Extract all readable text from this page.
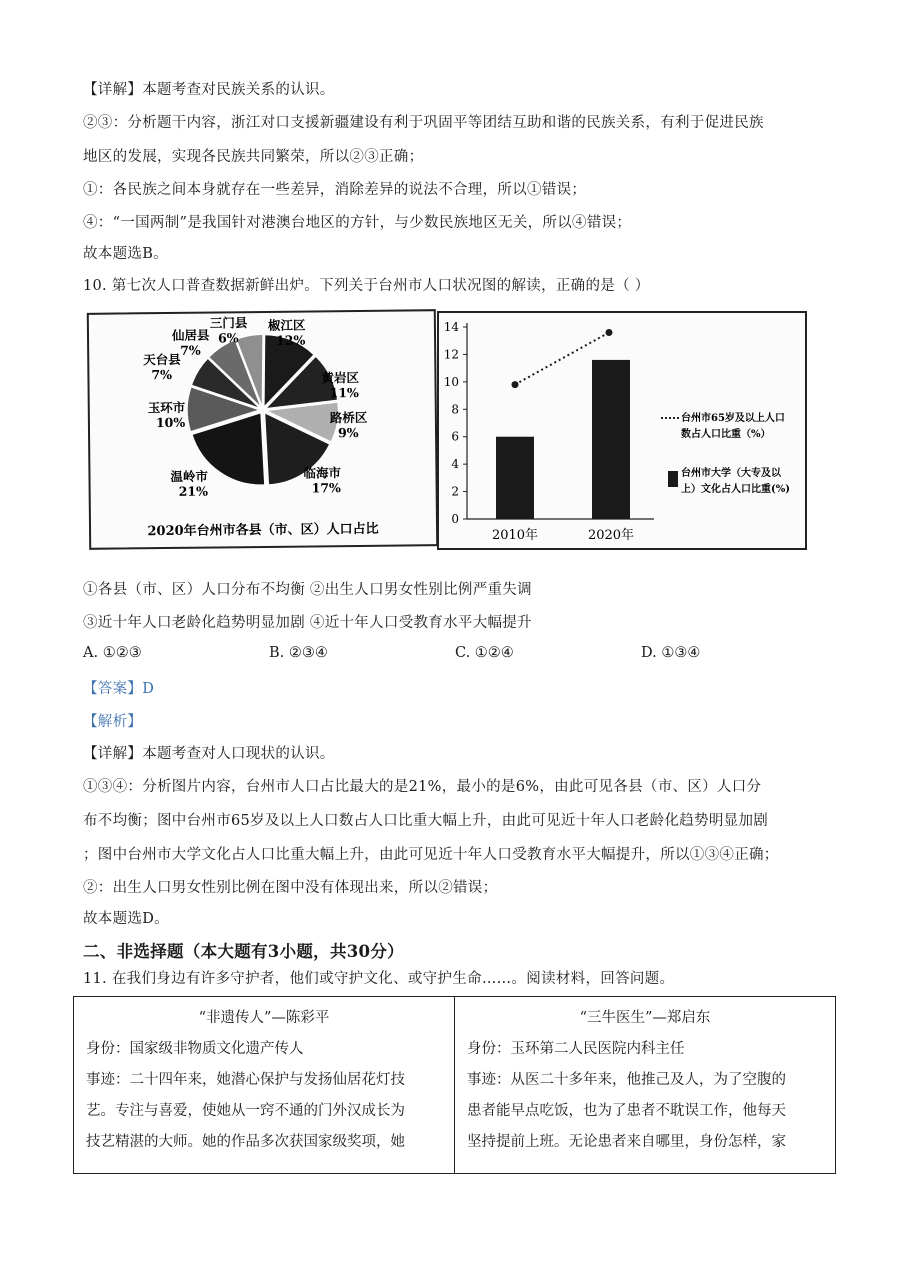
【详解】本题考查对民族关系的认识。
②③：分析题干内容，浙江对口支援新疆建设有利于巩固平等团结互助和谐的民族关系，有利于促进民族
地区的发展，实现各民族共同繁荣，所以②③正确；
①：各民族之间本身就存在一些差异，消除差异的说法不合理，所以①错误；
④：“一国两制”是我国针对港澳台地区的方针，与少数民族地区无关，所以④错误；
故本题选B。
10. 第七次人口普查数据新鲜出炉。下列关于台州市人口状况图的解读，正确的是（ ）
椒江区
12%
黄岩区
11%
路桥区
9%
临海市
17%
温岭市
21%
玉环市
10%
天台县
7%
仙居县
7%
三门县
6%
2020年台州市各县（市、区）人口占比
0
2
4
6
8
10
12
14
2010年	2020年
台州市65岁及以上人口
数占人口比重（%）
台州市大学（大专及以
上）文化占人口比重(%)
①各县（市、区）人口分布不均衡 ②出生人口男女性别比例严重失调
③近十年人口老龄化趋势明显加剧 ④近十年人口受教育水平大幅提升
A. ①②③	B. ②③④	C. ①②④	D. ①③④
【答案】D
【解析】
【详解】本题考查对人口现状的认识。
①③④：分析图片内容，台州市人口占比最大的是21%，最小的是6%，由此可见各县（市、区）人口分
布不均衡；图中台州市65岁及以上人口数占人口比重大幅上升，由此可见近十年人口老龄化趋势明显加剧
；图中台州市大学文化占人口比重大幅上升，由此可见近十年人口受教育水平大幅提升，所以①③④正确；
②：出生人口男女性别比例在图中没有体现出来，所以②错误；
故本题选D。
二、非选择题（本大题有3小题，共30分）
11. 在我们身边有许多守护者，他们或守护文化、或守护生命……。阅读材料，回答问题。
“非遗传人”—陈彩平
身份：国家级非物质文化遗产传人
事迹：二十四年来，她潜心保护与发扬仙居花灯技
艺。专注与喜爱，使她从一窍不通的门外汉成长为
技艺精湛的大师。她的作品多次获国家级奖项，她

“三牛医生”—郑启东
身份：玉环第二人民医院内科主任
事迹：从医二十多年来，他推己及人，为了空腹的
患者能早点吃饭，也为了患者不耽误工作，他每天
坚持提前上班。无论患者来自哪里，身份怎样，家
